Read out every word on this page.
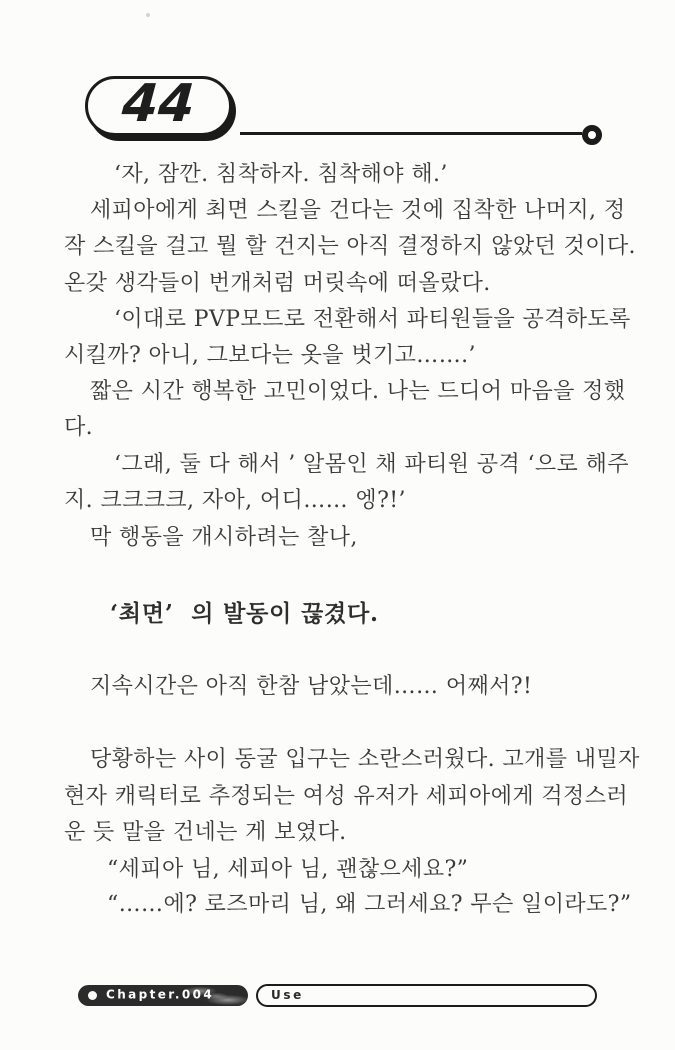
44
‘자, 잠깐. 침착하자. 침착해야 해.’
세피아에게 최면 스킬을 건다는 것에 집착한 나머지, 정
작 스킬을 걸고 뭘 할 건지는 아직 결정하지 않았던 것이다.
온갖 생각들이 번개처럼 머릿속에 떠올랐다.
‘이대로 PVP모드로 전환해서 파티원들을 공격하도록
시킬까? 아니, 그보다는 옷을 벗기고…….’
짧은 시간 행복한 고민이었다. 나는 드디어 마음을 정했
다.
‘그래, 둘 다 해서 ’ 알몸인 채 파티원 공격 ‘으로 해주
지. 크크크크, 자아, 어디…… 엥?!’
막 행동을 개시하려는 찰나,
‘최면’  의 발동이 끊겼다.
지속시간은 아직 한참 남았는데…… 어째서?!
당황하는 사이 동굴 입구는 소란스러웠다. 고개를 내밀자
현자 캐릭터로 추정되는 여성 유저가 세피아에게 걱정스러
운 듯 말을 건네는 게 보였다.
“세피아 님, 세피아 님, 괜찮으세요?”
“……에? 로즈마리 님, 왜 그러세요? 무슨 일이라도?”
Chapter.004	Use
